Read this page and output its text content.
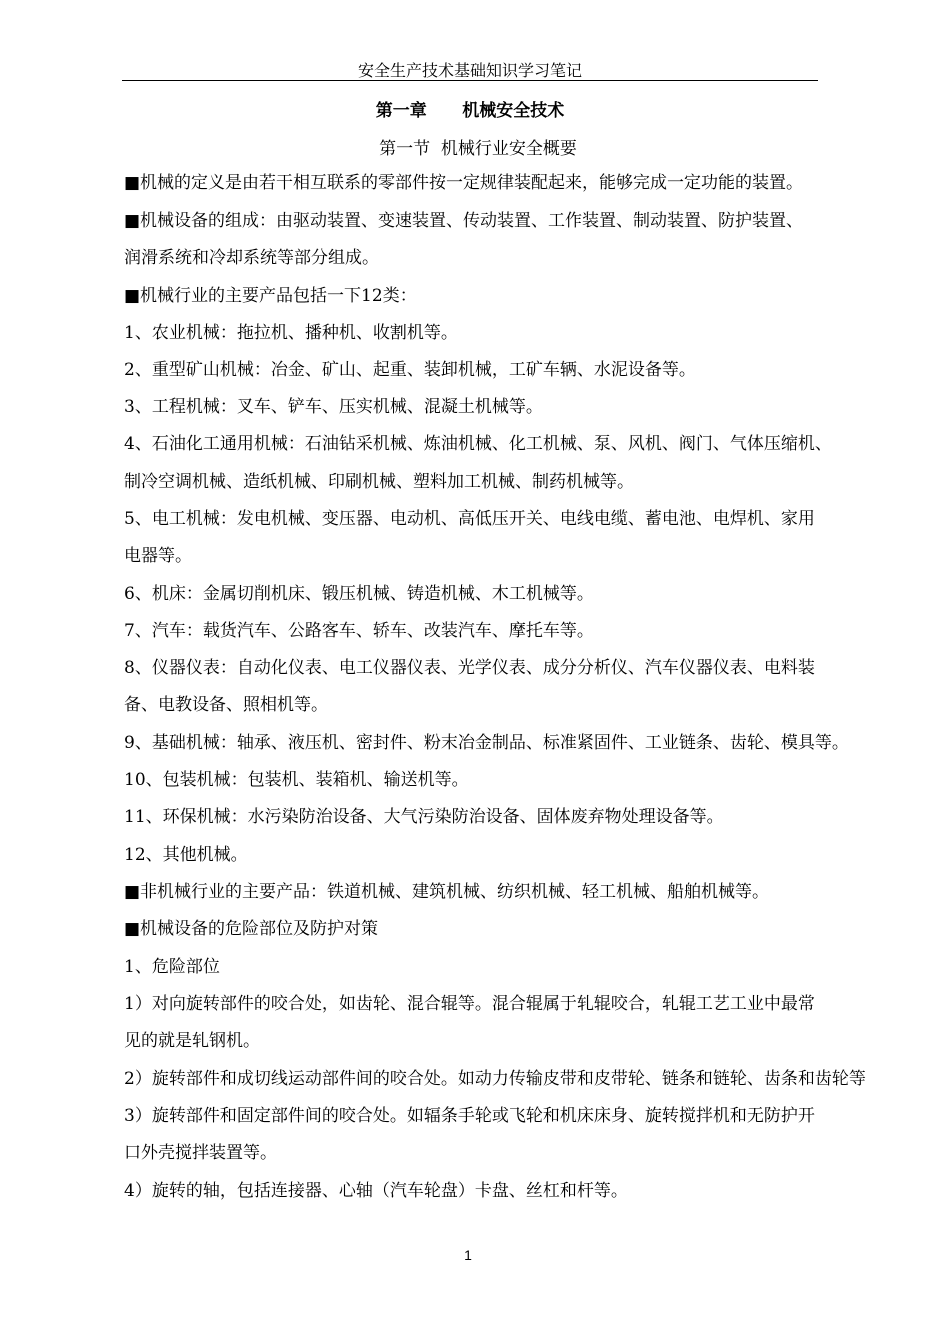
安全生产技术基础知识学习笔记
第一章      机械安全技术
第一节  机械行业安全概要
■机械的定义是由若干相互联系的零部件按一定规律装配起来，能够完成一定功能的装置。
■机械设备的组成：由驱动装置、变速装置、传动装置、工作装置、制动装置、防护装置、
润滑系统和冷却系统等部分组成。
■机械行业的主要产品包括一下12类：
1、农业机械：拖拉机、播种机、收割机等。
2、重型矿山机械：冶金、矿山、起重、装卸机械，工矿车辆、水泥设备等。
3、工程机械：叉车、铲车、压实机械、混凝土机械等。
4、石油化工通用机械：石油钻采机械、炼油机械、化工机械、泵、风机、阀门、气体压缩机、
制冷空调机械、造纸机械、印刷机械、塑料加工机械、制药机械等。
5、电工机械：发电机械、变压器、电动机、高低压开关、电线电缆、蓄电池、电焊机、家用
电器等。
6、机床：金属切削机床、锻压机械、铸造机械、木工机械等。
7、汽车：载货汽车、公路客车、轿车、改装汽车、摩托车等。
8、仪器仪表：自动化仪表、电工仪器仪表、光学仪表、成分分析仪、汽车仪器仪表、电料装
备、电教设备、照相机等。
9、基础机械：轴承、液压机、密封件、粉末冶金制品、标准紧固件、工业链条、齿轮、模具等。
10、包装机械：包装机、装箱机、输送机等。
11、环保机械：水污染防治设备、大气污染防治设备、固体废弃物处理设备等。
12、其他机械。
■非机械行业的主要产品：铁道机械、建筑机械、纺织机械、轻工机械、船舶机械等。
■机械设备的危险部位及防护对策
1、危险部位
1）对向旋转部件的咬合处，如齿轮、混合辊等。混合辊属于轧辊咬合，轧辊工艺工业中最常
见的就是轧钢机。
2）旋转部件和成切线运动部件间的咬合处。如动力传输皮带和皮带轮、链条和链轮、齿条和齿轮等
3）旋转部件和固定部件间的咬合处。如辐条手轮或飞轮和机床床身、旋转搅拌机和无防护开
口外壳搅拌装置等。
4）旋转的轴，包括连接器、心轴（汽车轮盘）卡盘、丝杠和杆等。
1
